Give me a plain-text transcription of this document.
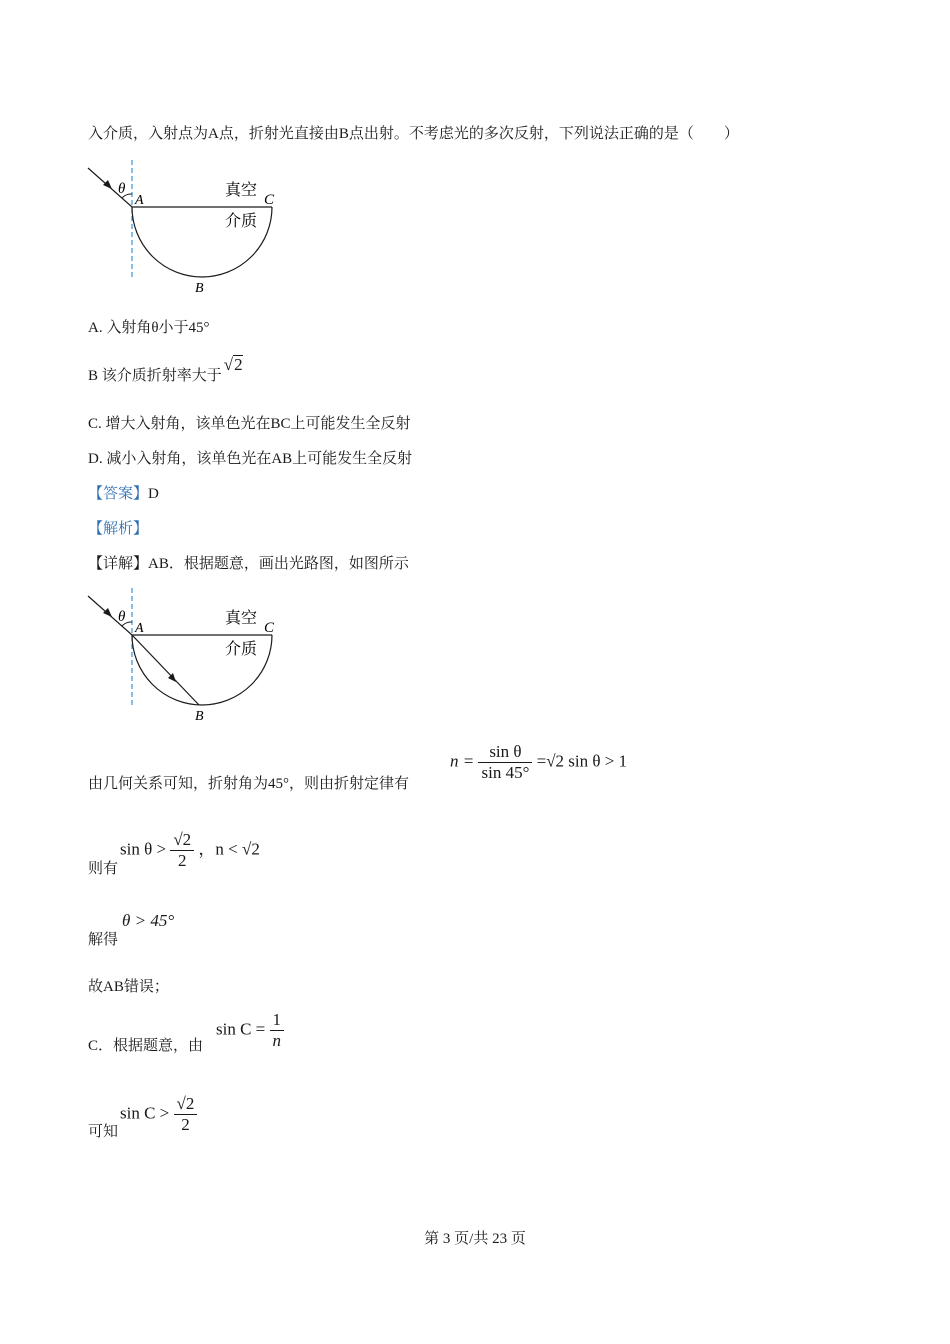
入介质，入射点为A点，折射光直接由B点出射。不考虑光的多次反射，下列说法正确的是（　　）
θ
A	C
B
真空
介质
A. 入射角θ小于45°
B 该介质折射率大于√2
C. 增大入射角，该单色光在BC上可能发生全反射
D. 减小入射角，该单色光在AB上可能发生全反射
【答案】D
【解析】
【详解】AB．根据题意，画出光路图，如图所示
θ
A	C
B
真空
介质
由几何关系可知，折射角为45°，则由折射定律有
$n = \frac{\text{sin θ}}{\sin 45^\circ} =√2$ sin θ > 1
则有
$\sin \theta > \frac{√2}{2}$ ，n < √2
解得
θ > 45°
故AB错误；
C．根据题意，由
$\sin C = \frac{1}{n}$
可知
$\sin C > \frac{√2}{2}$
第 3 页/共 23 页
